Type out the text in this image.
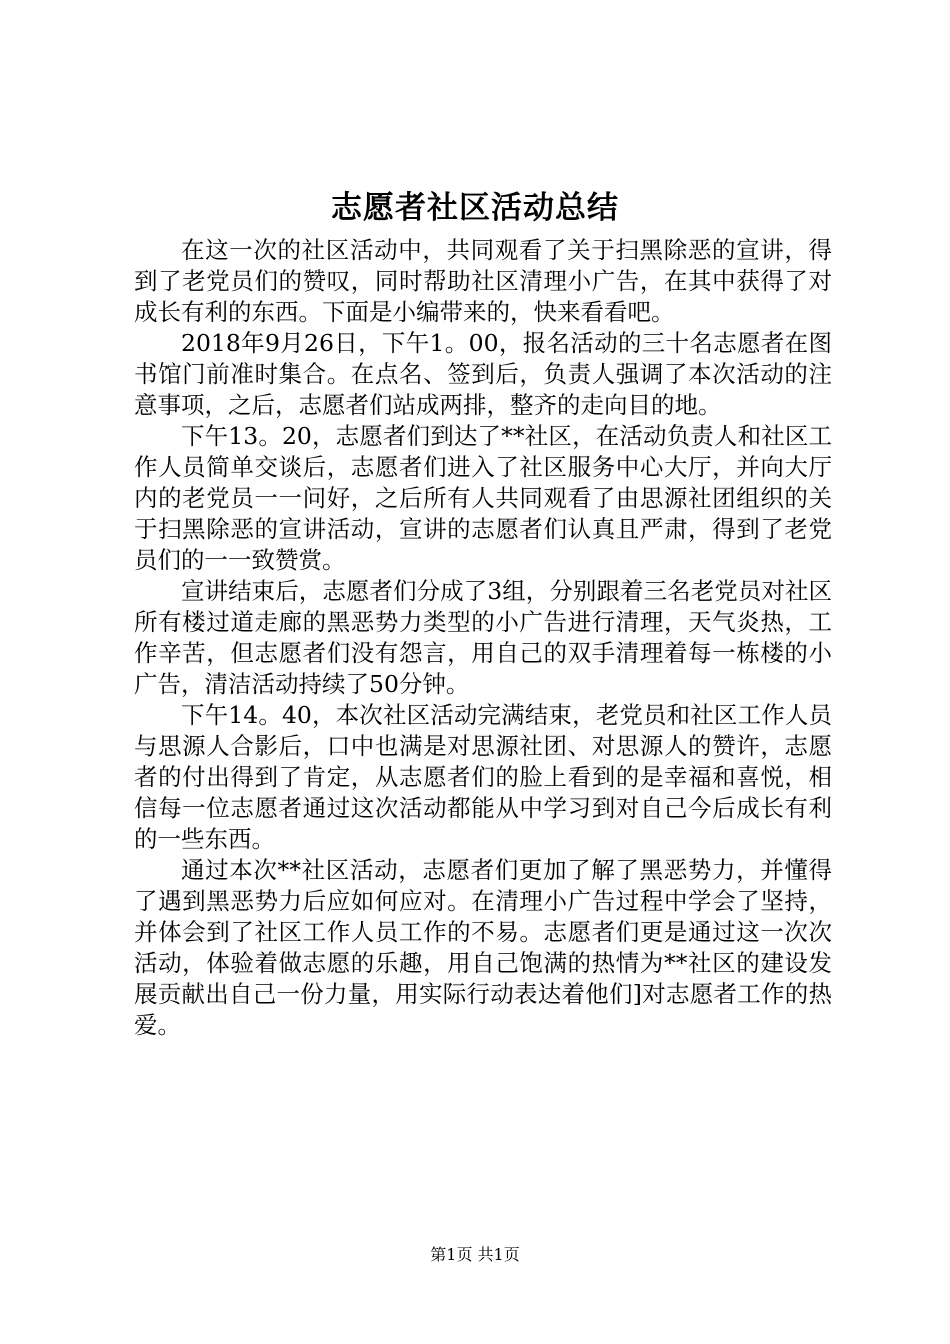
志愿者社区活动总结

在这一次的社区活动中，共同观看了关于扫黑除恶的宣讲，得到了老党员们的赞叹，同时帮助社区清理小广告，在其中获得了对成长有利的东西。下面是小编带来的，快来看看吧。

2018年9月26日，下午1。00，报名活动的三十名志愿者在图书馆门前准时集合。在点名、签到后，负责人强调了本次活动的注意事项，之后，志愿者们站成两排，整齐的走向目的地。

下午13。20，志愿者们到达了**社区，在活动负责人和社区工作人员简单交谈后，志愿者们进入了社区服务中心大厅，并向大厅内的老党员一一问好，之后所有人共同观看了由思源社团组织的关于扫黑除恶的宣讲活动，宣讲的志愿者们认真且严肃，得到了老党员们的一一致赞赏。

宣讲结束后，志愿者们分成了3组，分别跟着三名老党员对社区所有楼过道走廊的黑恶势力类型的小广告进行清理，天气炎热，工作辛苦，但志愿者们没有怨言，用自己的双手清理着每一栋楼的小广告，清洁活动持续了50分钟。

下午14。40，本次社区活动完满结束，老党员和社区工作人员与思源人合影后，口中也满是对思源社团、对思源人的赞许，志愿者的付出得到了肯定，从志愿者们的脸上看到的是幸福和喜悦，相信每一位志愿者通过这次活动都能从中学习到对自己今后成长有利的一些东西。

通过本次**社区活动，志愿者们更加了解了黑恶势力，并懂得了遇到黑恶势力后应如何应对。在清理小广告过程中学会了坚持，并体会到了社区工作人员工作的不易。志愿者们更是通过这一次次活动，体验着做志愿的乐趣，用自己饱满的热情为**社区的建设发展贡献出自己一份力量，用实际行动表达着他们]对志愿者工作的热爱。

第1页 共1页
